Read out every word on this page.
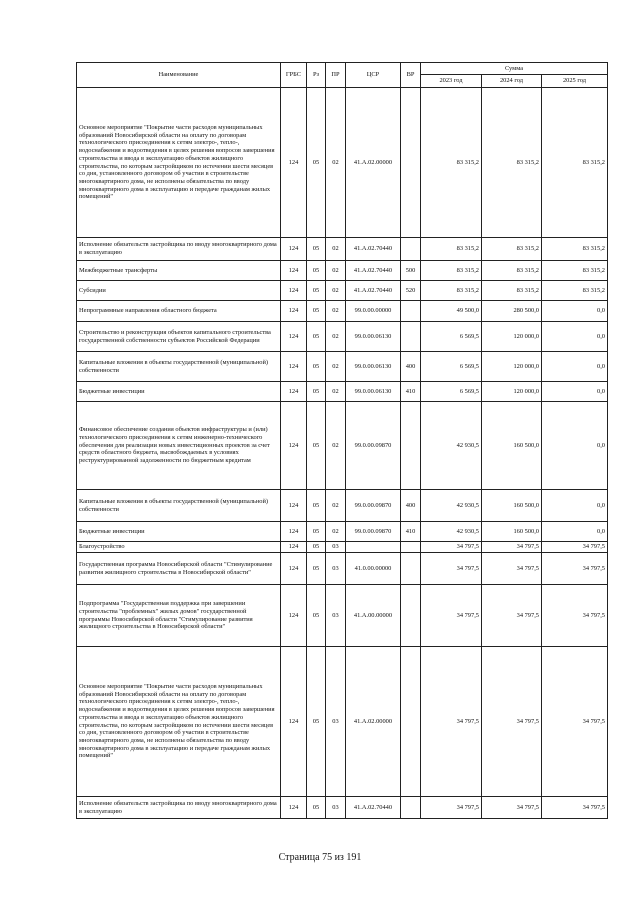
Наименование	ГРБС	Рз	ПР	ЦСР	ВР	Сумма		
						2023 год	2024 год	2025 год
Основное мероприятие "Покрытие части расходов муниципальных образований Новосибирской области на оплату по договорам технологического присоединения к сетям электро-, тепло-, водоснабжения и водоотведения в целях решения вопросов завершения строительства и ввода в эксплуатацию объектов жилищного строительства, по которым застройщиком по истечении шести месяцев со дня, установленного договором об участии в строительстве многоквартирного дома, не исполнены обязательства по вводу многоквартирного дома в эксплуатацию и передаче гражданам жилых помещений"	124	05	02	41.А.02.00000		83 315,2	83 315,2	83 315,2
Исполнение обязательств застройщика по вводу многоквартирного дома в эксплуатацию	124	05	02	41.А.02.70440		83 315,2	83 315,2	83 315,2
Межбюджетные трансферты	124	05	02	41.А.02.70440	500	83 315,2	83 315,2	83 315,2
Субсидии	124	05	02	41.А.02.70440	520	83 315,2	83 315,2	83 315,2
Непрограммные направления областного бюджета	124	05	02	99.0.00.00000		49 500,0	280 500,0	0,0
Строительство и реконструкция объектов капитального строительства государственной собственности субъектов Российской Федерации	124	05	02	99.0.00.06130		6 569,5	120 000,0	0,0
Капитальные вложения в объекты государственной (муниципальной) собственности	124	05	02	99.0.00.06130	400	6 569,5	120 000,0	0,0
Бюджетные инвестиции	124	05	02	99.0.00.06130	410	6 569,5	120 000,0	0,0
Финансовое обеспечение создания объектов инфраструктуры и (или) технологического присоединения к сетям инженерно-технического обеспечения для реализации новых инвестиционных проектов за счет средств областного бюджета, высвобождаемых в условиях реструктурированной задолженности по бюджетным кредитам	124	05	02	99.0.00.09870		42 930,5	160 500,0	0,0
Капитальные вложения в объекты государственной (муниципальной) собственности	124	05	02	99.0.00.09870	400	42 930,5	160 500,0	0,0
Бюджетные инвестиции	124	05	02	99.0.00.09870	410	42 930,5	160 500,0	0,0
Благоустройство	124	05	03			34 797,5	34 797,5	34 797,5
Государственная программа Новосибирской области "Стимулирование развития жилищного строительства в Новосибирской области"	124	05	03	41.0.00.00000		34 797,5	34 797,5	34 797,5
Подпрограмма "Государственная поддержка при завершении строительства "проблемных" жилых домов" государственной программы Новосибирской области "Стимулирование развития жилищного строительства в Новосибирской области"	124	05	03	41.А.00.00000		34 797,5	34 797,5	34 797,5
Основное мероприятие "Покрытие части расходов муниципальных образований Новосибирской области на оплату по договорам технологического присоединения к сетям электро-, тепло-, водоснабжения и водоотведения в целях решения вопросов завершения строительства и ввода в эксплуатацию объектов жилищного строительства, по которым застройщиком по истечении шести месяцев со дня, установленного договором об участии в строительстве многоквартирного дома, не исполнены обязательства по вводу многоквартирного дома в эксплуатацию и передаче гражданам жилых помещений"	124	05	03	41.А.02.00000		34 797,5	34 797,5	34 797,5
Исполнение обязательств застройщика по вводу многоквартирного дома в эксплуатацию	124	05	03	41.А.02.70440		34 797,5	34 797,5	34 797,5
Страница 75 из 191
